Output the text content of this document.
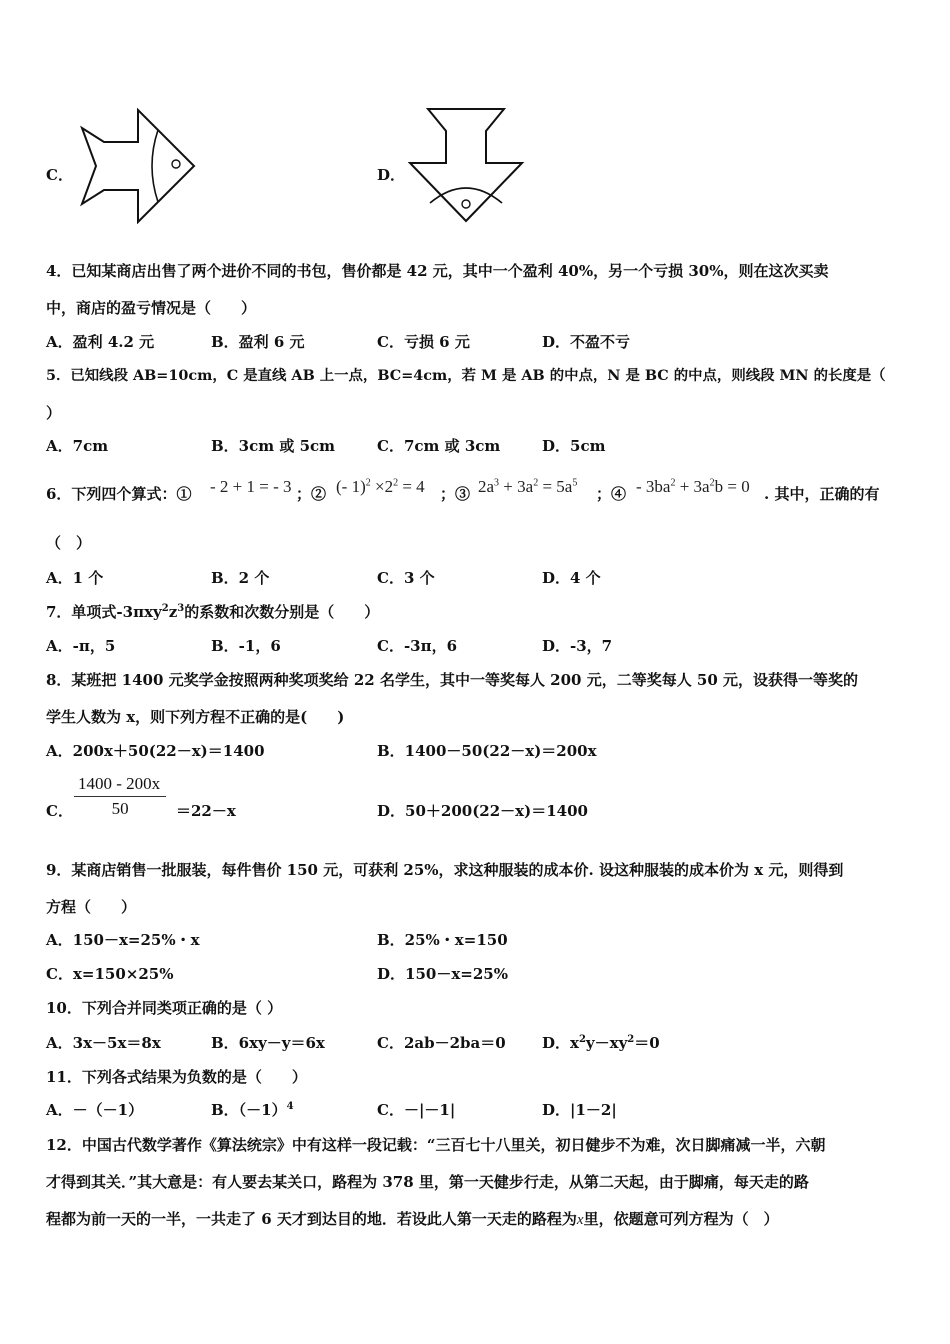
C．	D．
4．已知某商店出售了两个进价不同的书包，售价都是 42 元，其中一个盈利 40%，另一个亏损 30%，则在这次买卖
中，商店的盈亏情况是（　　）
A．盈利 4.2 元	B．盈利 6 元	C．亏损 6 元	D．不盈不亏
5．已知线段 AB=10cm，C 是直线 AB 上一点，BC=4cm，若 M 是 AB 的中点，N 是 BC 的中点，则线段 MN 的长度是（
）
A．7cm	B．3cm 或 5cm	C．7cm 或 3cm	D．5cm
6．下列四个算式：① - 2 + 1 = - 3 ；② (- $1)^2 \times 2^2 = 4$ ；③ $2a^3 + 3a^2 = 5a^5$
；④ - $3ba^2 + 3a^2b = 0$ . 其中，正确的有
（　）
A．1 个	B．2 个	C．3 个	D．4 个
7．单项式$-3\pi xy^2z^3$的系数和次数分别是（　　）
A．-π，5	B．-1，6	C．-3π，6	D．-3，7
8．某班把 1400 元奖学金按照两种奖项奖给 22 名学生，其中一等奖每人 200 元，二等奖每人 50 元，设获得一等奖的
学生人数为 x，则下列方程不正确的是(　　)
A．200x＋50(22－x)＝1400	B．1400－50(22－x)＝200x
C． $\frac{1400 - 200x}{50} =22-x$	D．50＋200(22－x)＝1400
9．某商店销售一批服装，每件售价 150 元，可获利 25%，求这种服装的成本价. 设这种服装的成本价为 x 元，则得到
方程（　　）
A．150－x=25%・x	B．25%・x=150
C．x=150×25%	D．150－x=25%
10．下列合并同类项正确的是（ ）
A．3x－5x＝8x	B．6xy－y＝6x	C．2ab－2ba＝0 D．$x^2y-xy^2=0$
11．下列各式结果为负数的是（　　）
A．－（－1）	B．$(-1)^4$	C．－|－1|	D．|1－2|
12．中国古代数学著作《算法统宗》中有这样一段记载：“三百七十八里关，初日健步不为难，次日脚痛减一半，六朝
才得到其关．”其大意是：有人要去某关口，路程为 378 里，第一天健步行走，从第二天起，由于脚痛，每天走的路
程都为前一天的一半，一共走了 6 天才到达目的地．若设此人第一天走的路程为x里，依题意可列方程为（　）
